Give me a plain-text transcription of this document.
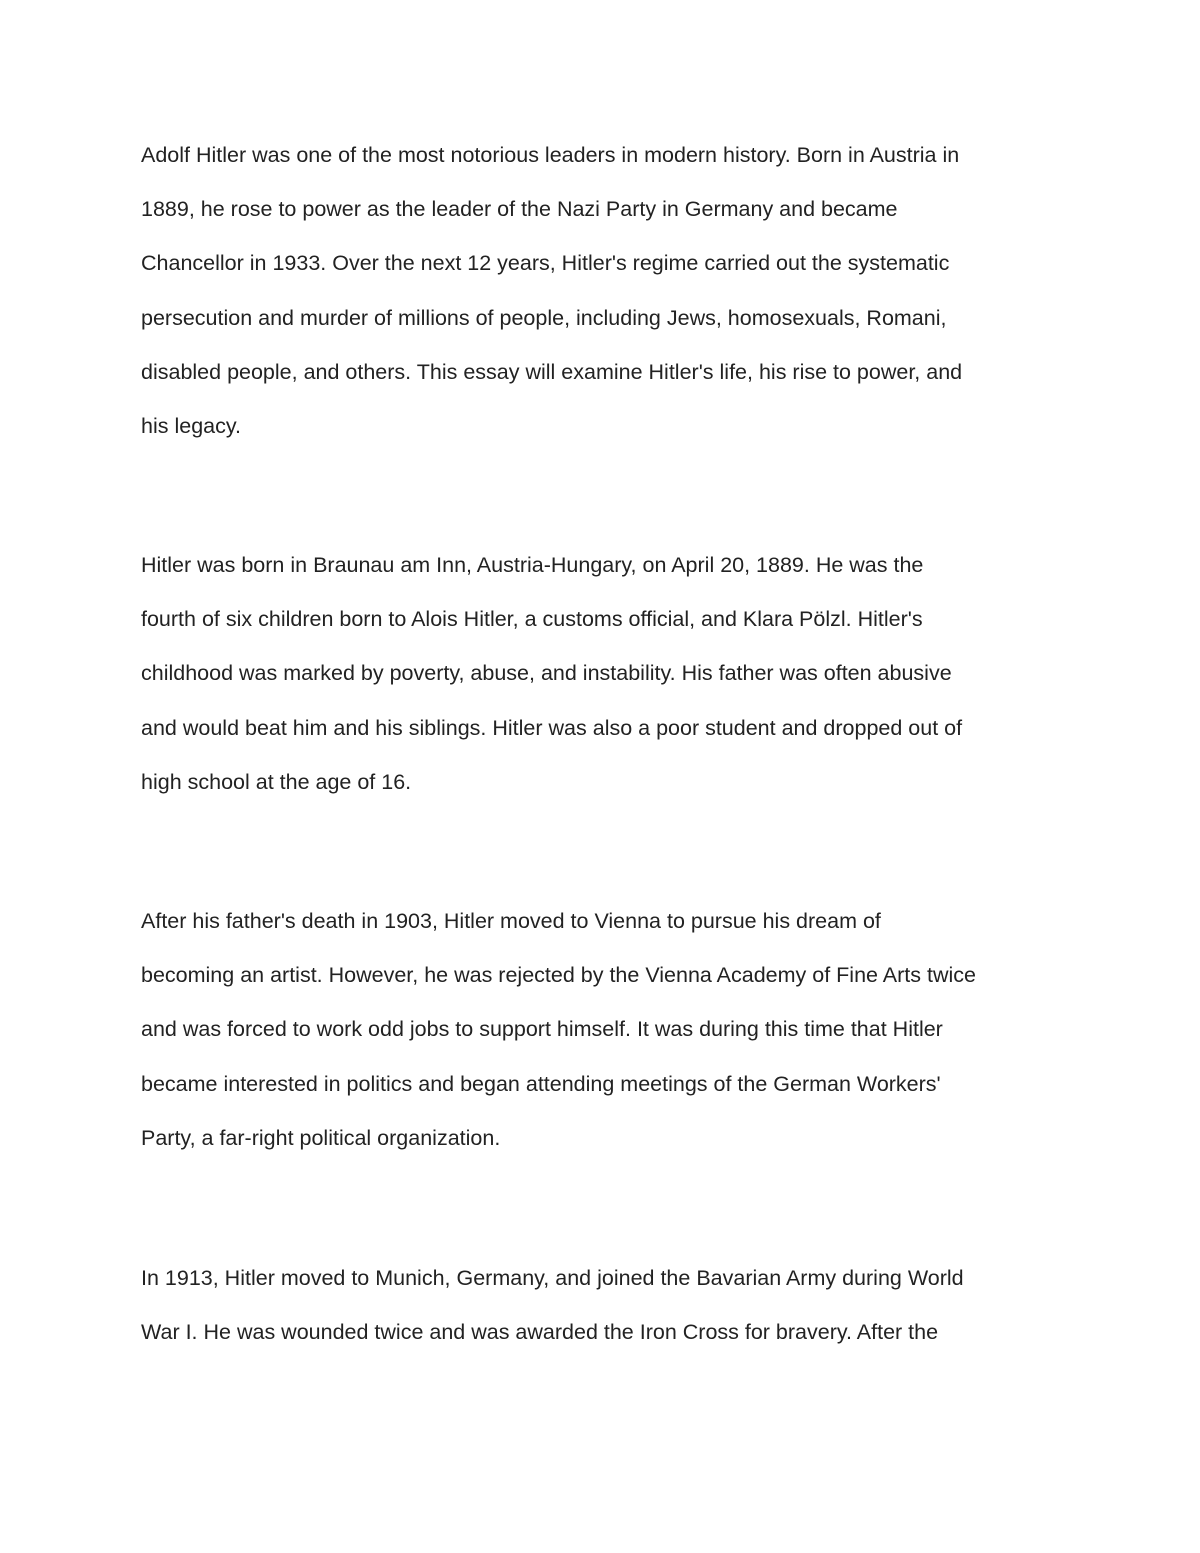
Adolf Hitler was one of the most notorious leaders in modern history. Born in Austria in
1889, he rose to power as the leader of the Nazi Party in Germany and became
Chancellor in 1933. Over the next 12 years, Hitler's regime carried out the systematic
persecution and murder of millions of people, including Jews, homosexuals, Romani,
disabled people, and others. This essay will examine Hitler's life, his rise to power, and
his legacy.
Hitler was born in Braunau am Inn, Austria-Hungary, on April 20, 1889. He was the
fourth of six children born to Alois Hitler, a customs official, and Klara Pölzl. Hitler's
childhood was marked by poverty, abuse, and instability. His father was often abusive
and would beat him and his siblings. Hitler was also a poor student and dropped out of
high school at the age of 16.
After his father's death in 1903, Hitler moved to Vienna to pursue his dream of
becoming an artist. However, he was rejected by the Vienna Academy of Fine Arts twice
and was forced to work odd jobs to support himself. It was during this time that Hitler
became interested in politics and began attending meetings of the German Workers'
Party, a far-right political organization.
In 1913, Hitler moved to Munich, Germany, and joined the Bavarian Army during World
War I. He was wounded twice and was awarded the Iron Cross for bravery. After the
